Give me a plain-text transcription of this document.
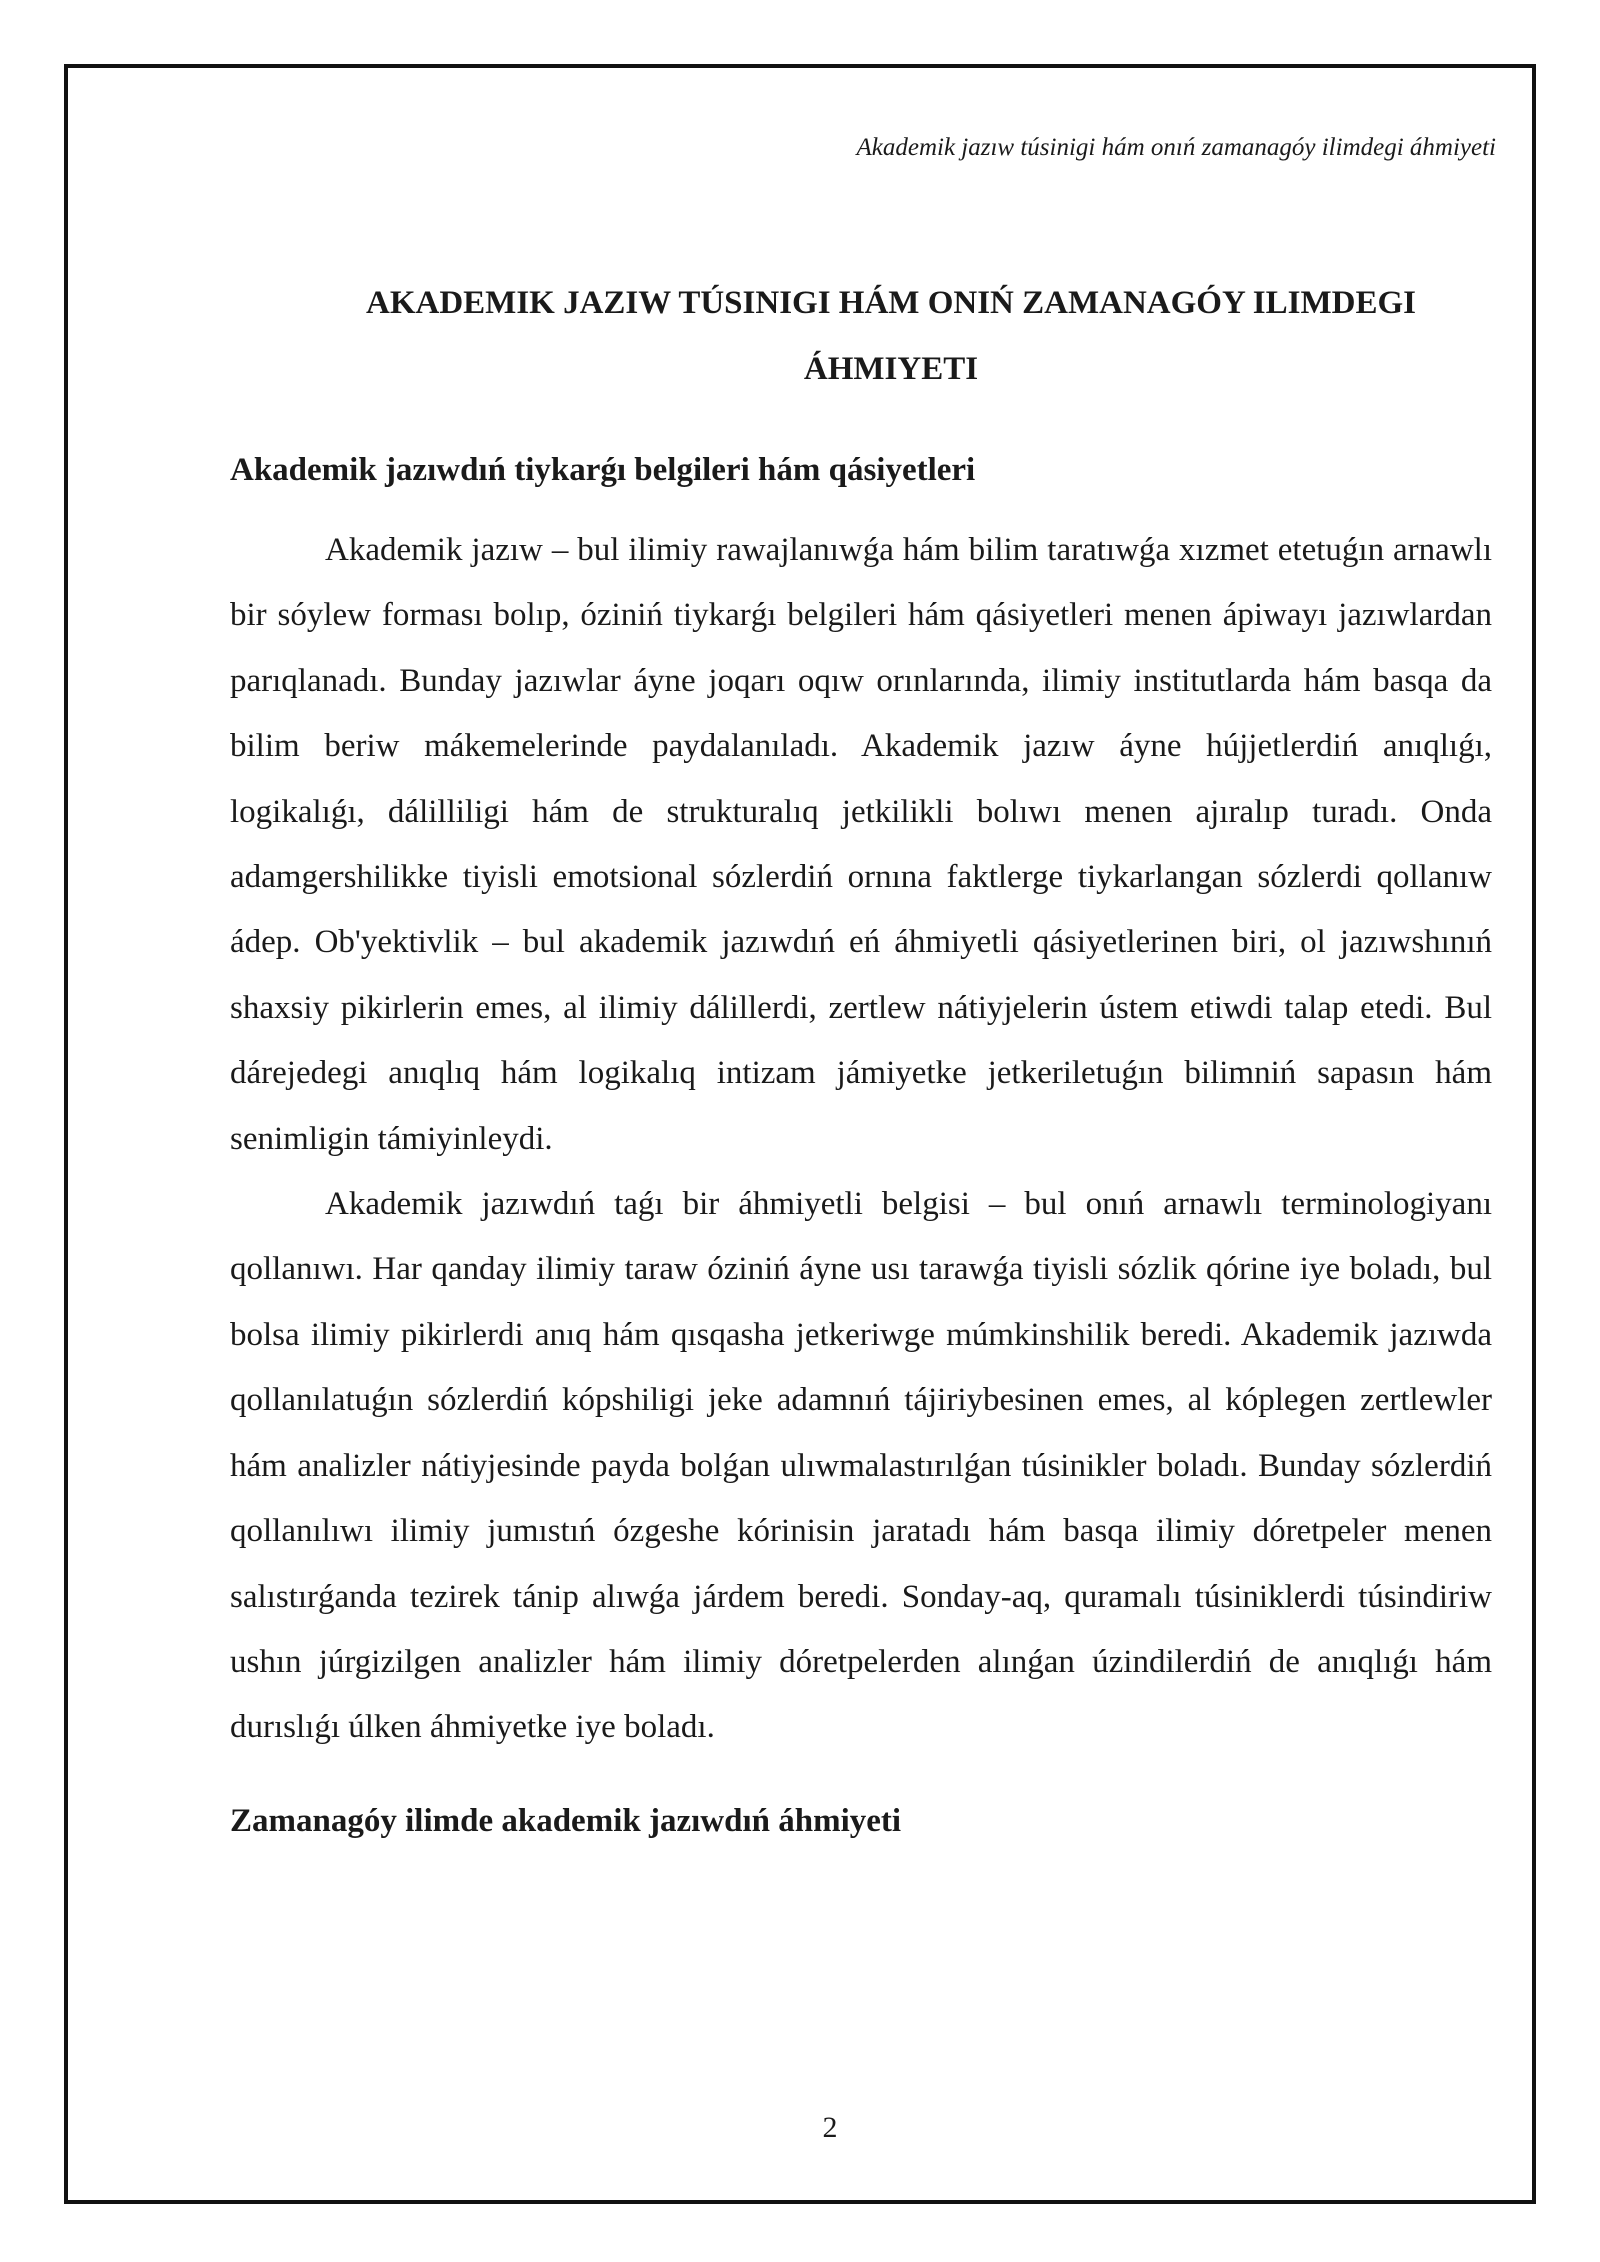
Akademik jazıw túsinigi hám onıń zamanagóy ilimdegi áhmiyeti
AKADEMIK JAZIW TÚSINIGI HÁM ONIŃ ZAMANAGÓY ILIMDEGI
ÁHMIYETI
Akademik jazıwdıń tiykarǵı belgileri hám qásiyetleri

Akademik jazıw – bul ilimiy rawajlanıwǵa hám bilim taratıwǵa xızmet etetuǵın arnawlı bir sóylew forması bolıp, óziniń tiykarǵı belgileri hám qásiyetleri menen ápiwayı jazıwlardan parıqlanadı. Bunday jazıwlar áyne joqarı oqıw orınlarında, ilimiy institutlarda hám basqa da bilim beriw mákemelerinde paydalanıladı. Akademik jazıw áyne hújjetlerdiń anıqlıǵı, logikalıǵı, dálilliligi hám de strukturalıq jetkilikli bolıwı menen ajıralıp turadı. Onda adamgershilikke tiyisli emotsional sózlerdiń ornına faktlerge tiykarlangan sózlerdi qollanıw ádep. Ob'yektivlik – bul akademik jazıwdıń eń áhmiyetli qásiyetlerinen biri, ol jazıwshınıń shaxsiy pikirlerin emes, al ilimiy dálillerdi, zertlew nátiyjelerin ústem etiwdi talap etedi. Bul dárejedegi anıqlıq hám logikalıq intizam jámiyetke jetkeriletuǵın bilimniń sapasın hám senimligin támiyinleydi.

Akademik jazıwdıń taǵı bir áhmiyetli belgisi – bul onıń arnawlı terminologiyanı qollanıwı. Har qanday ilimiy taraw óziniń áyne usı tarawǵa tiyisli sózlik qórine iye boladı, bul bolsa ilimiy pikirlerdi anıq hám qısqasha jetkeriwge múmkinshilik beredi. Akademik jazıwda qollanılatuǵın sózlerdiń kópshiligi jeke adamnıń tájiriybesinen emes, al kóplegen zertlewler hám analizler nátiyjesinde payda bolǵan ulıwmalastırılǵan túsinikler boladı. Bunday sózlerdiń qollanılıwı ilimiy jumıstıń ózgeshe kórinisin jaratadı hám basqa ilimiy dóretpeler menen salıstırǵanda tezirek tánip alıwǵa járdem beredi. Sonday-aq, quramalı túsiniklerdi túsindiriw ushın júrgizilgen analizler hám ilimiy dóretpelerden alınǵan úzindilerdiń de anıqlıǵı hám durıslıǵı úlken áhmiyetke iye boladı.

Zamanagóy ilimde akademik jazıwdıń áhmiyeti
2
